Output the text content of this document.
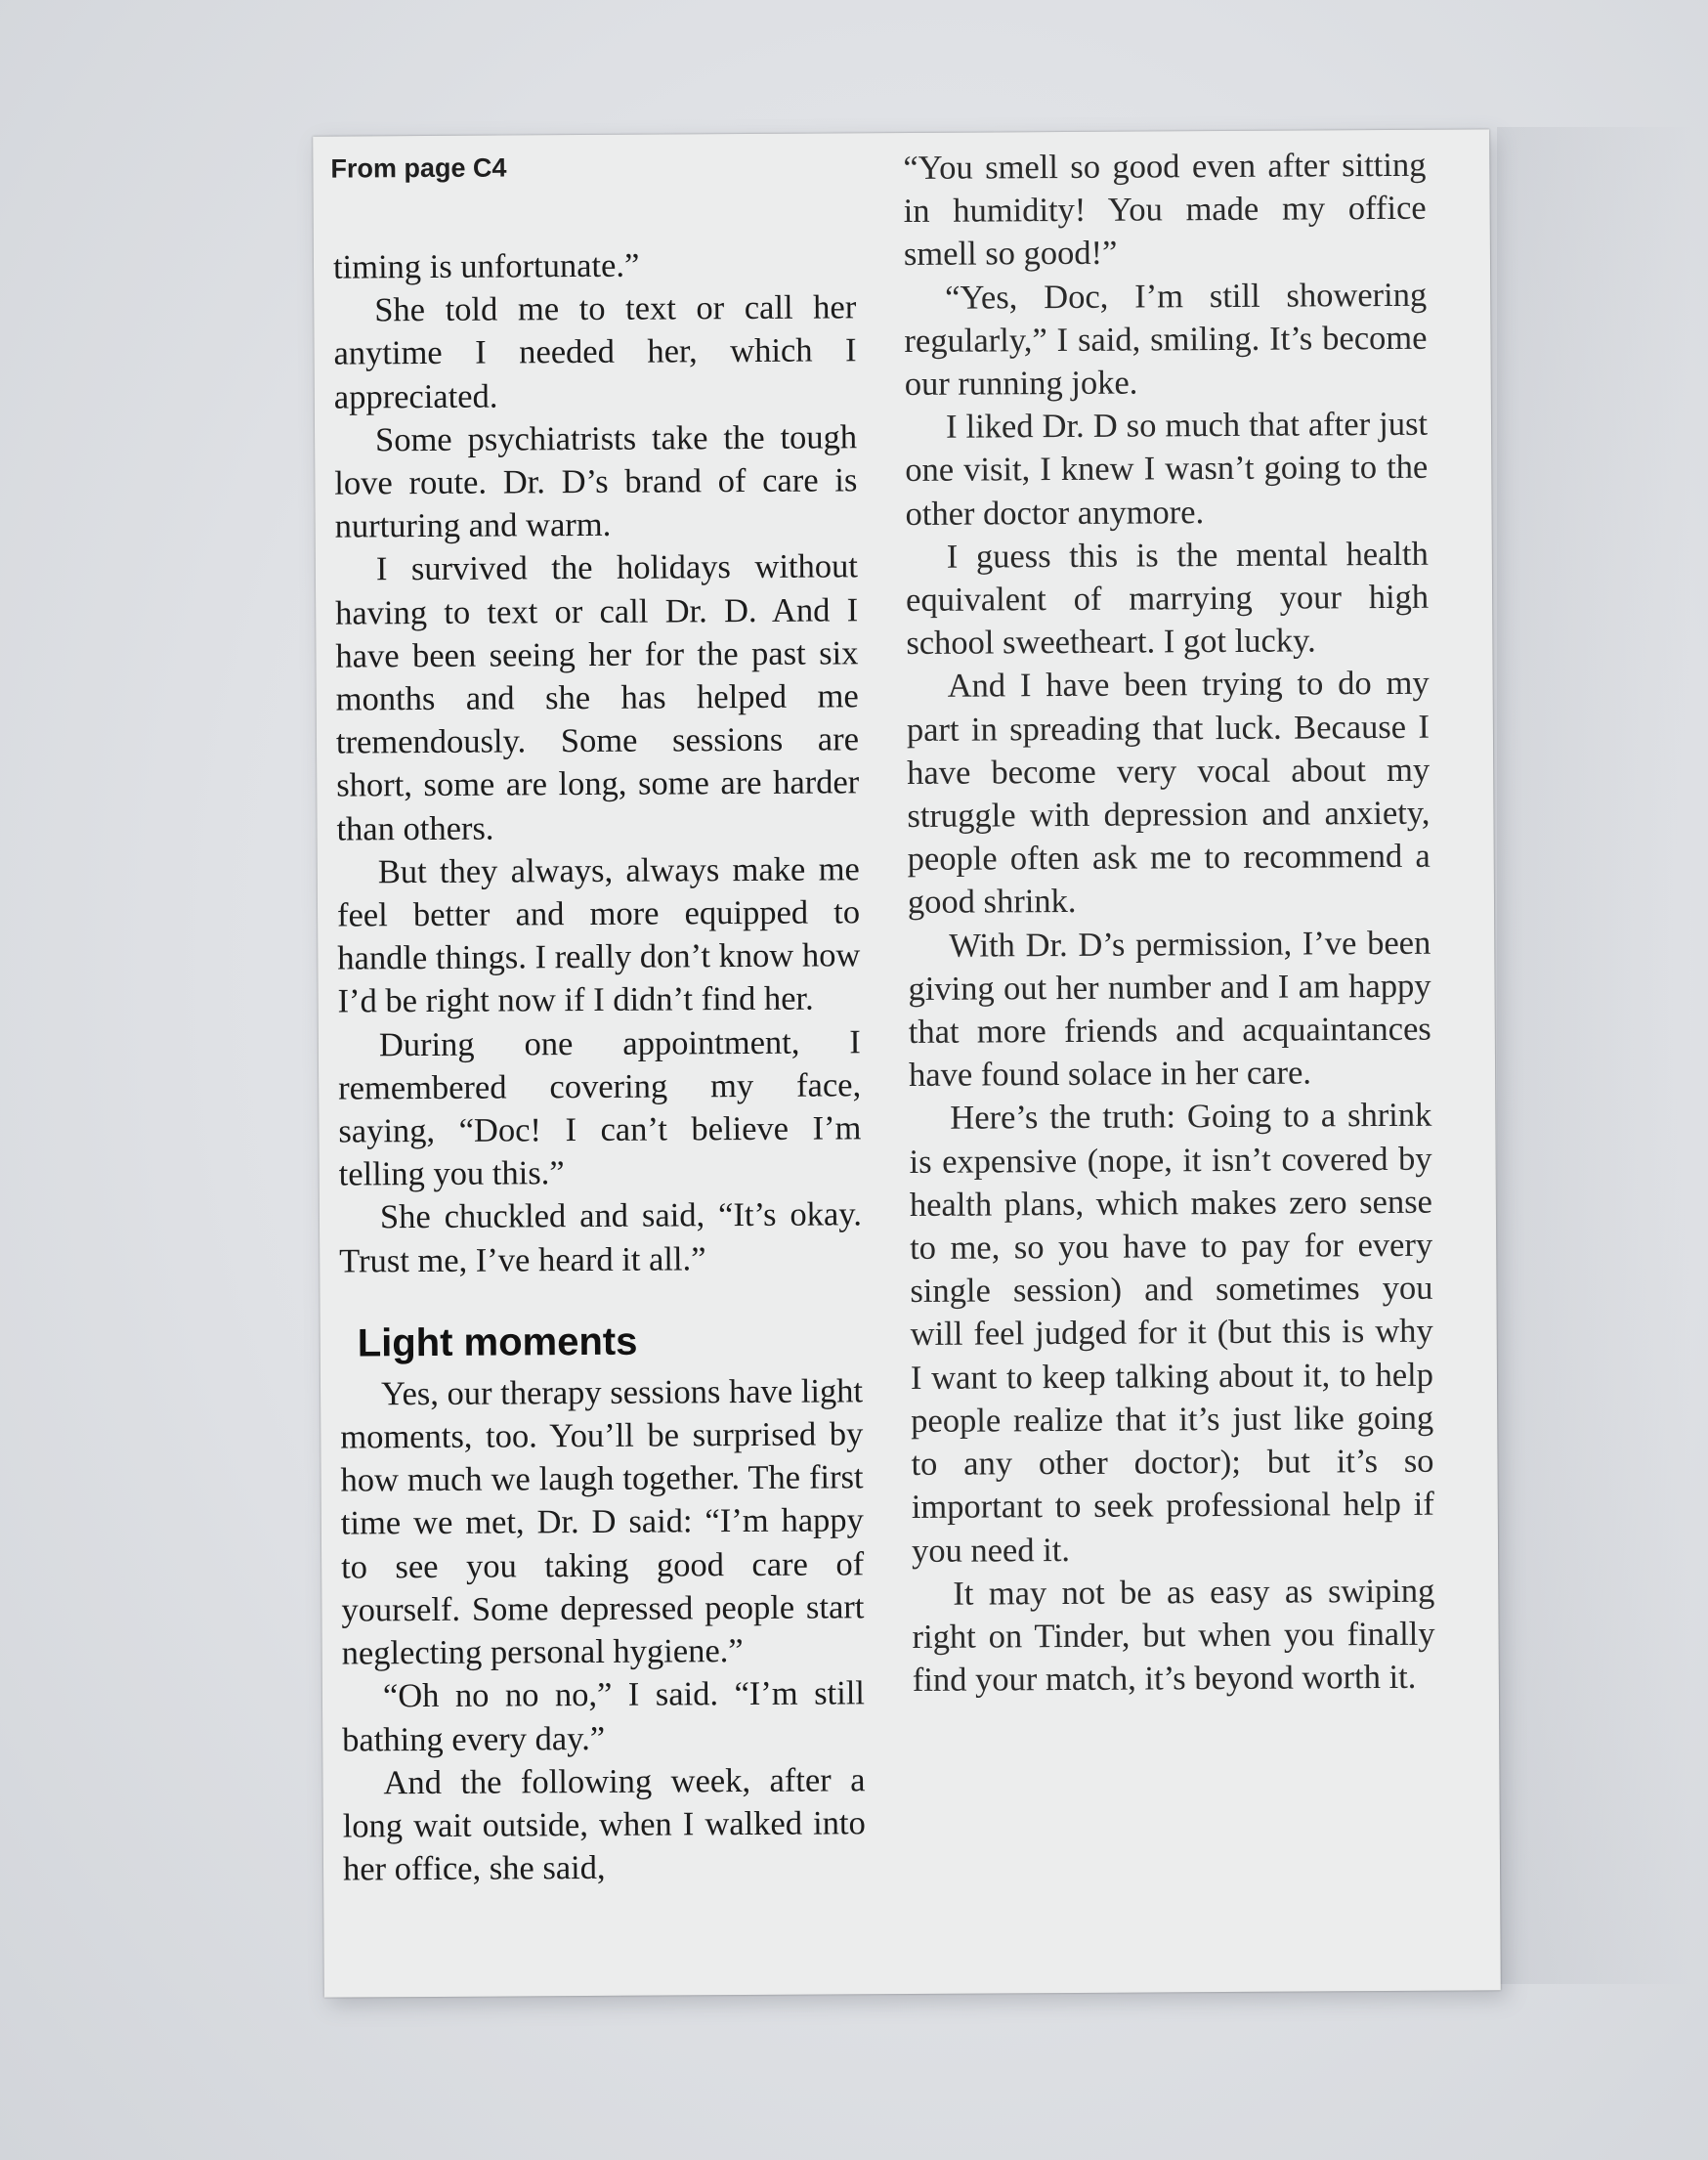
From page C4

timing is unfortunate.”

She told me to text or call her anytime I needed her, which I appreciated.

Some psychiatrists take the tough love route. Dr. D’s brand of care is nurturing and warm.

I survived the holidays without having to text or call Dr. D. And I have been seeing her for the past six months and she has helped me tremendously. Some sessions are short, some are long, some are harder than others.

But they always, always make me feel better and more equipped to handle things. I really don’t know how I’d be right now if I didn’t find her.

During one appointment, I remembered covering my face, saying, “Doc! I can’t believe I’m telling you this.”

She chuckled and said, “It’s okay. Trust me, I’ve heard it all.”

Light moments

Yes, our therapy sessions have light moments, too. You’ll be surprised by how much we laugh together. The first time we met, Dr. D said: “I’m happy to see you taking good care of yourself. Some depressed people start neglecting personal hygiene.”

“Oh no no no,” I said. “I’m still bathing every day.”

And the following week, after a long wait outside, when I walked into her office, she said,

“You smell so good even after sitting in humidity! You made my office smell so good!”

“Yes, Doc, I’m still showering regularly,” I said, smiling. It’s become our running joke.

I liked Dr. D so much that after just one visit, I knew I wasn’t going to the other doctor anymore.

I guess this is the mental health equivalent of marrying your high school sweetheart. I got lucky.

And I have been trying to do my part in spreading that luck. Because I have become very vocal about my struggle with depression and anxiety, people often ask me to recommend a good shrink.

With Dr. D’s permission, I’ve been giving out her number and I am happy that more friends and acquaintances have found solace in her care.

Here’s the truth: Going to a shrink is expensive (nope, it isn’t covered by health plans, which makes zero sense to me, so you have to pay for every single session) and sometimes you will feel judged for it (but this is why I want to keep talking about it, to help people realize that it’s just like going to any other doctor); but it’s so important to seek professional help if you need it.

It may not be as easy as swiping right on Tinder, but when you finally find your match, it’s beyond worth it.
